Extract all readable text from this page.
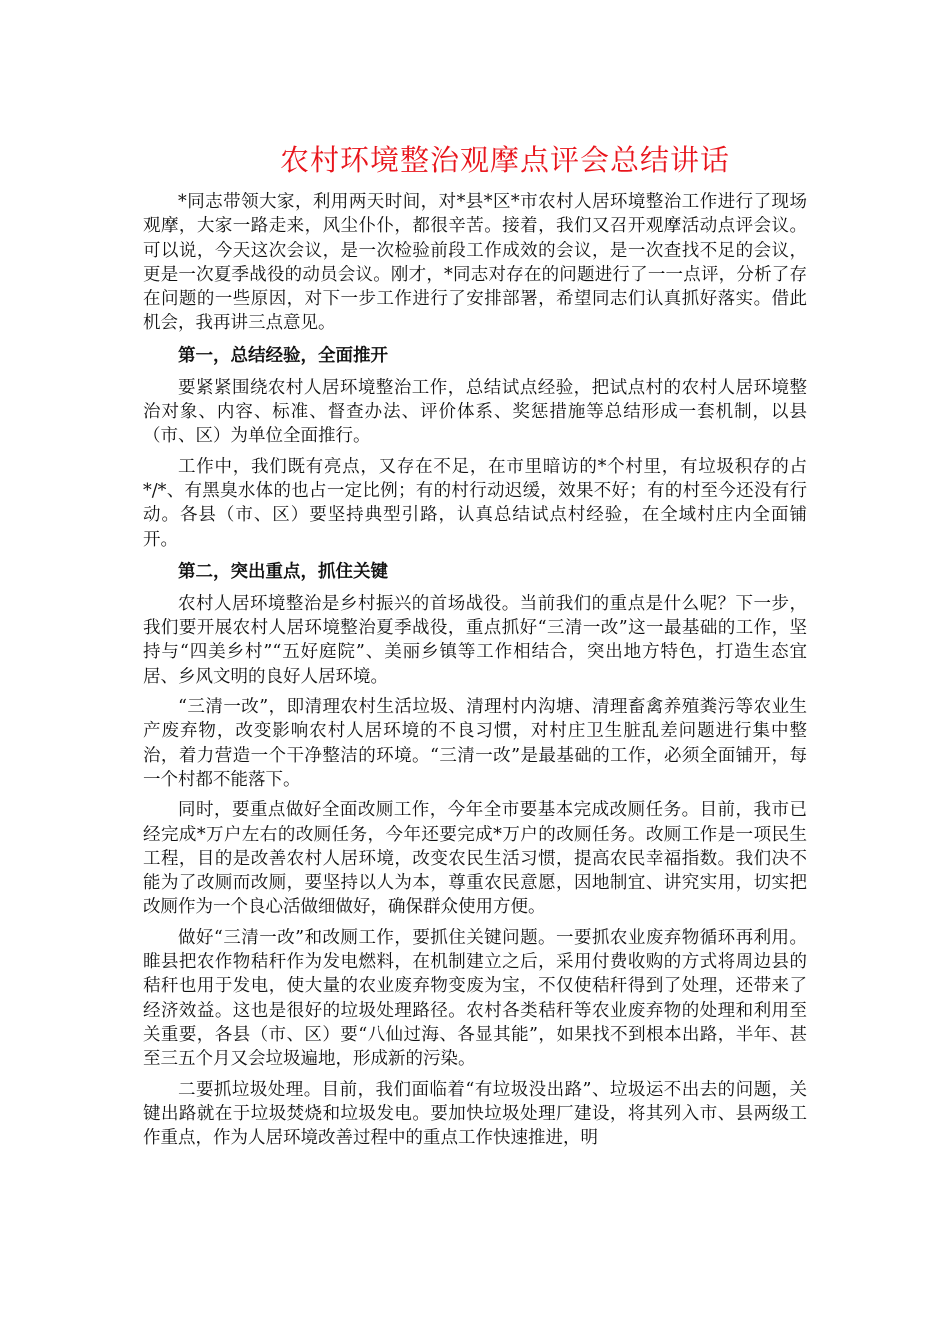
农村环境整治观摩点评会总结讲话

*同志带领大家，利用两天时间，对*县*区*市农村人居环境整治工作进行了现场观摩，大家一路走来，风尘仆仆，都很辛苦。接着，我们又召开观摩活动点评会议。可以说，今天这次会议，是一次检验前段工作成效的会议，是一次查找不足的会议，更是一次夏季战役的动员会议。刚才，*同志对存在的问题进行了一一点评，分析了存在问题的一些原因，对下一步工作进行了安排部署，希望同志们认真抓好落实。借此机会，我再讲三点意见。

第一，总结经验，全面推开

要紧紧围绕农村人居环境整治工作，总结试点经验，把试点村的农村人居环境整治对象、内容、标准、督查办法、评价体系、奖惩措施等总结形成一套机制，以县（市、区）为单位全面推行。

工作中，我们既有亮点，又存在不足，在市里暗访的*个村里，有垃圾积存的占*/*、有黑臭水体的也占一定比例；有的村行动迟缓，效果不好；有的村至今还没有行动。各县（市、区）要坚持典型引路，认真总结试点村经验，在全域村庄内全面铺开。

第二，突出重点，抓住关键

农村人居环境整治是乡村振兴的首场战役。当前我们的重点是什么呢？下一步，我们要开展农村人居环境整治夏季战役，重点抓好“三清一改”这一最基础的工作，坚持与“四美乡村”“五好庭院”、美丽乡镇等工作相结合，突出地方特色，打造生态宜居、乡风文明的良好人居环境。

“三清一改”，即清理农村生活垃圾、清理村内沟塘、清理畜禽养殖粪污等农业生产废弃物，改变影响农村人居环境的不良习惯，对村庄卫生脏乱差问题进行集中整治，着力营造一个干净整洁的环境。“三清一改”是最基础的工作，必须全面铺开，每一个村都不能落下。

同时，要重点做好全面改厕工作，今年全市要基本完成改厕任务。目前，我市已经完成*万户左右的改厕任务，今年还要完成*万户的改厕任务。改厕工作是一项民生工程，目的是改善农村人居环境，改变农民生活习惯，提高农民幸福指数。我们决不能为了改厕而改厕，要坚持以人为本，尊重农民意愿，因地制宜、讲究实用，切实把改厕作为一个良心活做细做好，确保群众使用方便。

做好“三清一改”和改厕工作，要抓住关键问题。一要抓农业废弃物循环再利用。睢县把农作物秸秆作为发电燃料，在机制建立之后，采用付费收购的方式将周边县的秸秆也用于发电，使大量的农业废弃物变废为宝，不仅使秸秆得到了处理，还带来了经济效益。这也是很好的垃圾处理路径。农村各类秸秆等农业废弃物的处理和利用至关重要，各县（市、区）要“八仙过海、各显其能”，如果找不到根本出路，半年、甚至三五个月又会垃圾遍地，形成新的污染。

二要抓垃圾处理。目前，我们面临着“有垃圾没出路”、垃圾运不出去的问题，关键出路就在于垃圾焚烧和垃圾发电。要加快垃圾处理厂建设，将其列入市、县两级工作重点，作为人居环境改善过程中的重点工作快速推进，明
